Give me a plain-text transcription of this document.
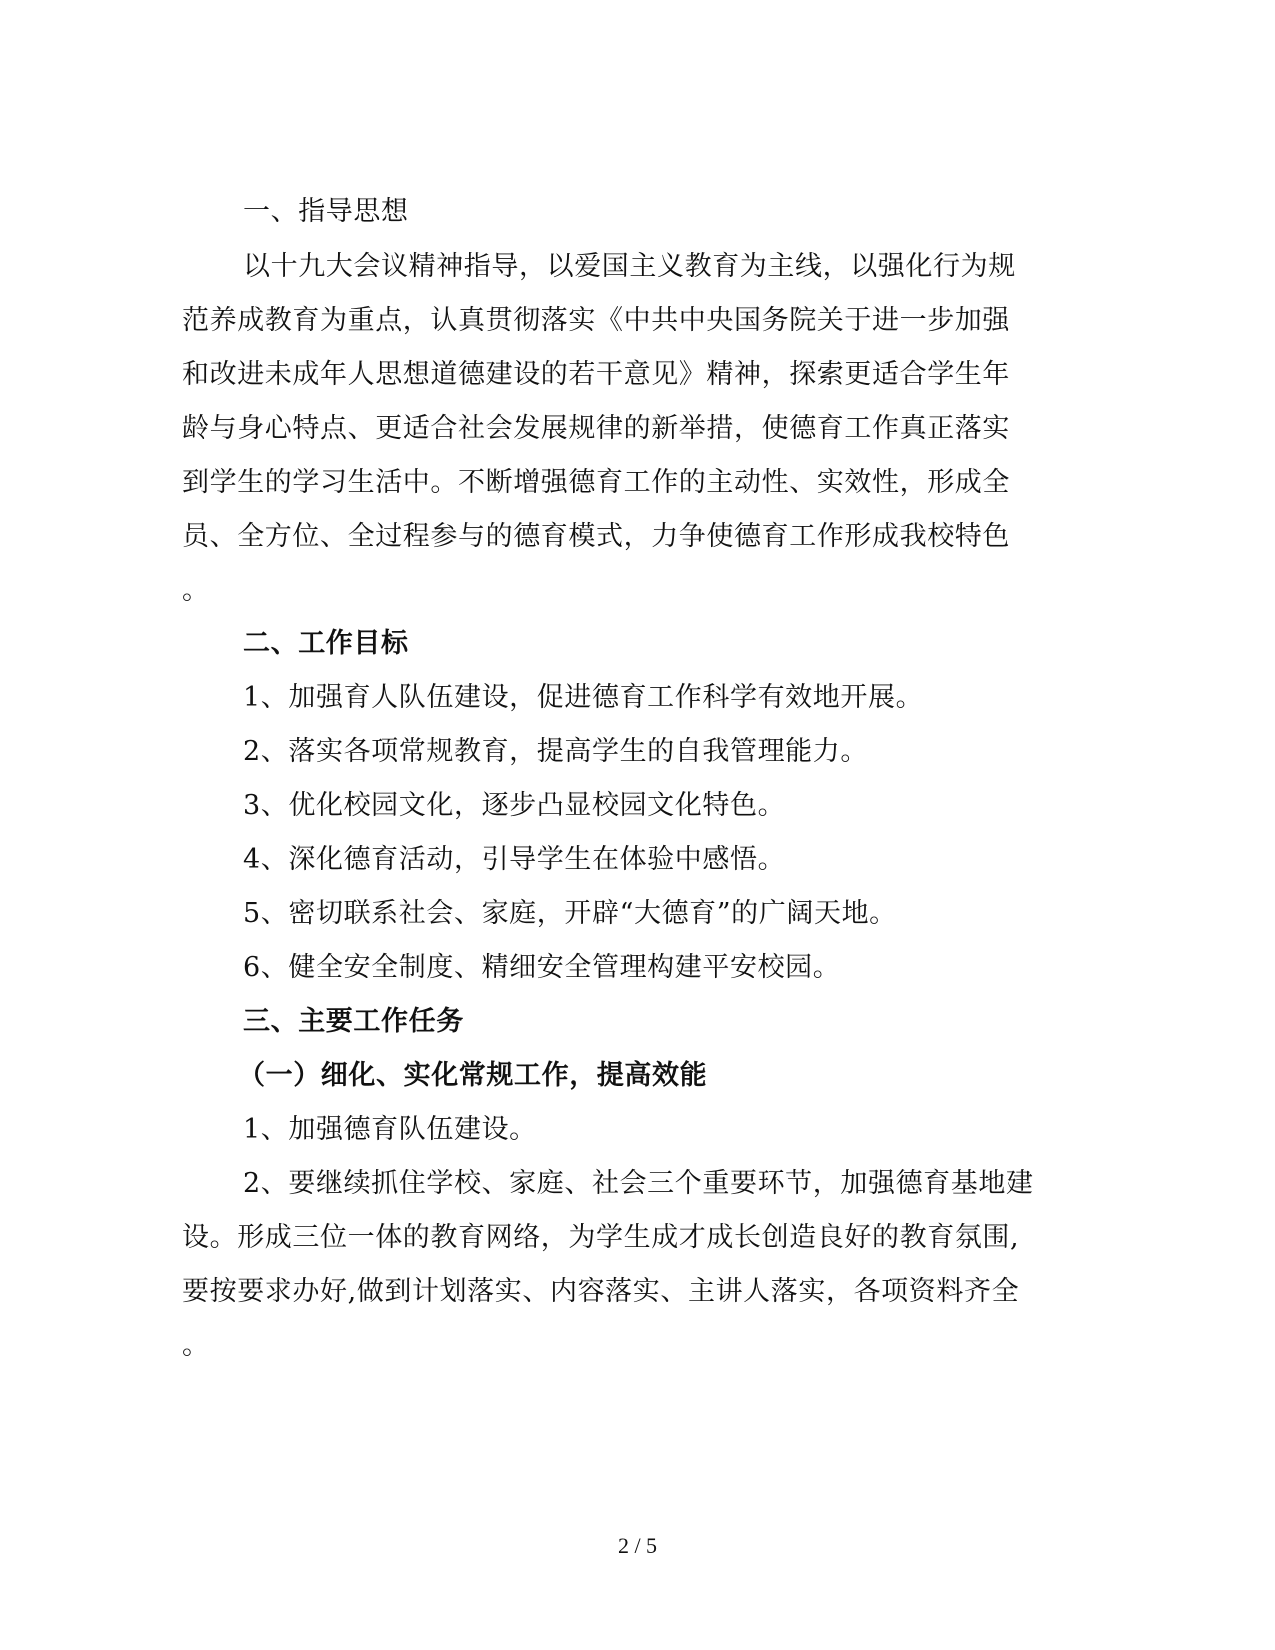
一、指导思想
以十九大会议精神指导，以爱国主义教育为主线，以强化行为规
范养成教育为重点，认真贯彻落实《中共中央国务院关于进一步加强
和改进未成年人思想道德建设的若干意见》精神，探索更适合学生年
龄与身心特点、更适合社会发展规律的新举措，使德育工作真正落实
到学生的学习生活中。不断增强德育工作的主动性、实效性，形成全
员、全方位、全过程参与的德育模式，力争使德育工作形成我校特色
。
二、工作目标
1、加强育人队伍建设，促进德育工作科学有效地开展。
2、落实各项常规教育，提高学生的自我管理能力。
3、优化校园文化，逐步凸显校园文化特色。
4、深化德育活动，引导学生在体验中感悟。
5、密切联系社会、家庭，开辟“大德育”的广阔天地。
6、健全安全制度、精细安全管理构建平安校园。
三、主要工作任务
（一）细化、实化常规工作，提高效能
1、加强德育队伍建设。
2、要继续抓住学校、家庭、社会三个重要环节，加强德育基地建
设。形成三位一体的教育网络，为学生成才成长创造良好的教育氛围,
要按要求办好,做到计划落实、内容落实、主讲人落实，各项资料齐全
。
2 / 5
